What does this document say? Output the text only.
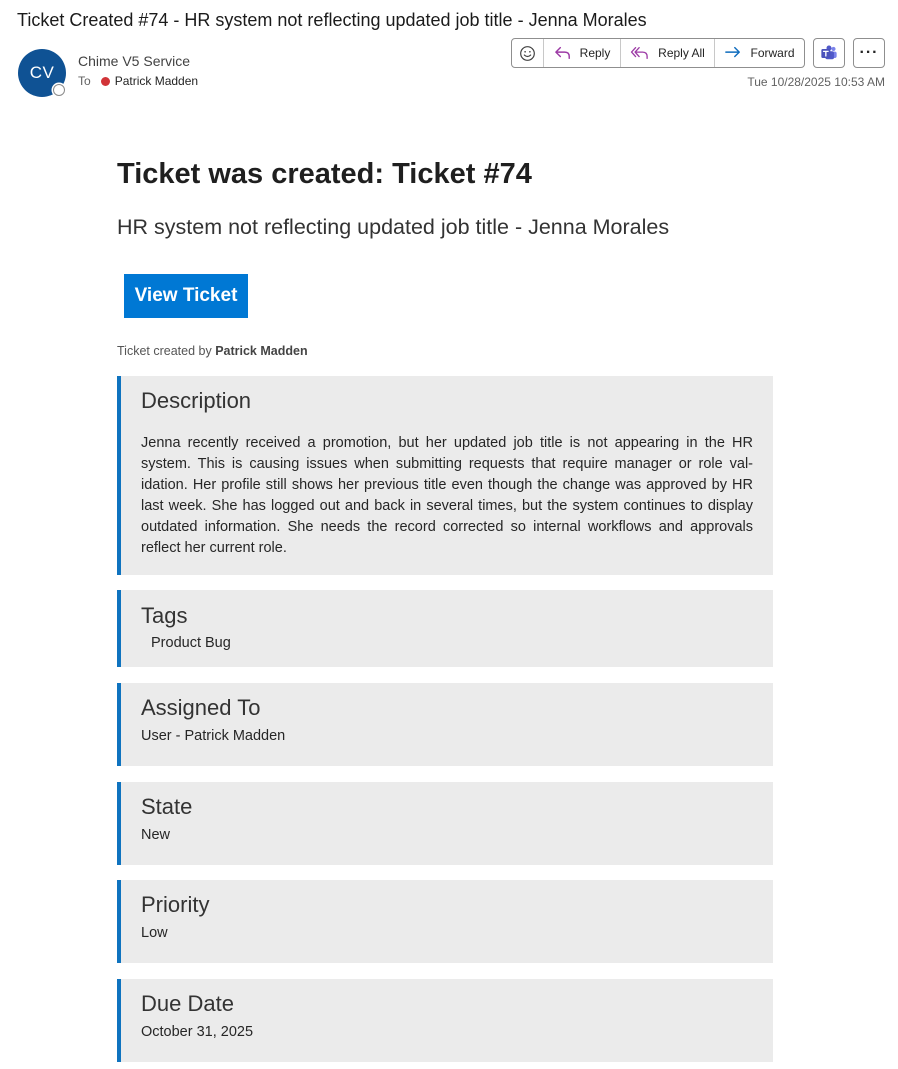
Ticket Created #74 - HR system not reflecting updated job title - Jenna Morales
CV
Chime V5 Service
To Patrick Madden
Reply	Reply All	Forward	···
Tue 10/28/2025 10:53 AM
Ticket was created: Ticket #74
HR system not reflecting updated job title - Jenna Morales
View Ticket
Ticket created by Patrick Madden
Description
Jenna recently received a promotion, but her updated job title is not appearing in the HR system. This is causing issues when submitting requests that require manager or role val-idation. Her profile still shows her previous title even though the change was approved by HR last week. She has logged out and back in several times, but the system continues to display outdated information. She needs the record corrected so internal workflows and approvals reflect her current role.
Tags
Product Bug
Assigned To
User - Patrick Madden
State
New
Priority
Low
Due Date
October 31, 2025
